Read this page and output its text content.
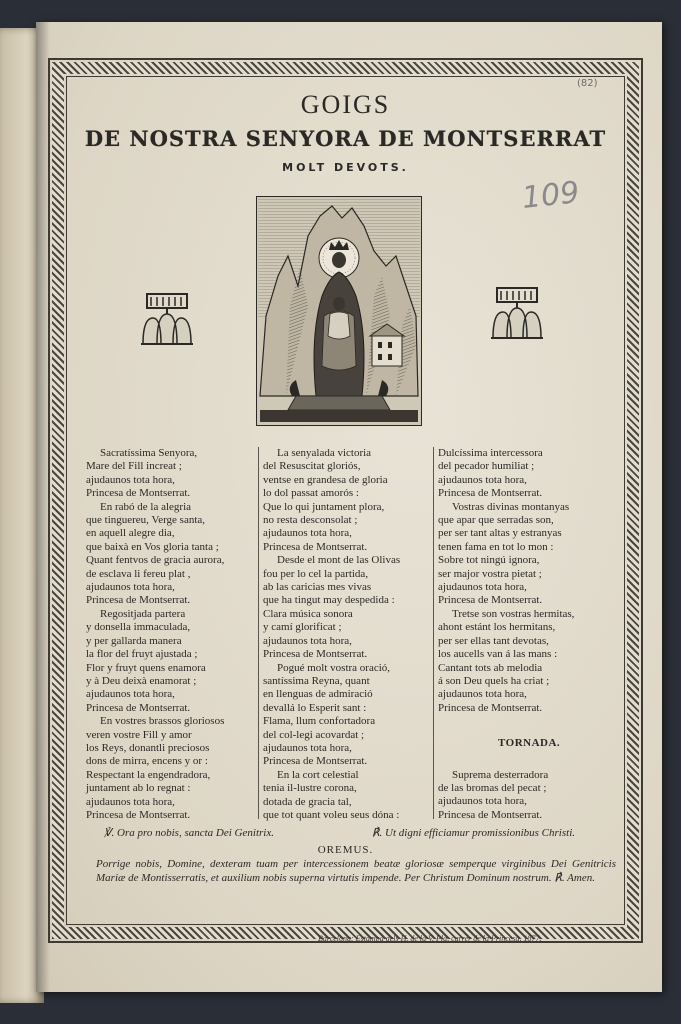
(82)
109
GOIGS
DE NOSTRA SENYORA DE MONTSERRAT
MOLT DEVOTS.
Sacratíssima Senyora,
Mare del Fill increat ;
ajudaunos tota hora,
Princesa de Montserrat.
En rabó de la alegria
que tinguereu, Verge santa,
en aquell alegre dia,
que baixà en Vos gloria tanta ;
Quant fentvos de gracia aurora,
de esclava li fereu plat ,
ajudaunos tota hora,
Princesa de Montserrat.
Regositjada partera
y donsella immaculada,
y per gallarda manera
la flor del fruyt ajustada ;
Flor y fruyt quens enamora
y à Deu deixà enamorat ;
ajudaunos tota hora,
Princesa de Montserrat.
En vostres brassos gloriosos
veren vostre Fill y amor
los Reys, donantli preciosos
dons de mirra, encens y or :
Respectant la engendradora,
juntament ab lo regnat :
ajudaunos tota hora,
Princesa de Montserrat.
La senyalada victoria
del Resuscitat gloriós,
ventse en grandesa de gloria
lo dol passat amorós :
Que lo qui juntament plora,
no resta desconsolat ;
ajudaunos tota hora,
Princesa de Montserrat.
Desde el mont de las Olivas
fou per lo cel la partida,
ab las caricias mes vivas
que ha tingut may despedida :
Clara música sonora
y camí glorificat ;
ajudaunos tota hora,
Princesa de Montserrat.
Pogué molt vostra oració,
santíssima Reyna, quant
en llenguas de admiració
devallá lo Esperit sant :
Flama, llum confortadora
del col-legi acovardat ;
ajudaunos tota hora,
Princesa de Montserrat.
En la cort celestial
tenia il-lustre corona,
dotada de gracia tal,
que tot quant voleu seus dóna :
Dulcíssima intercessora
del pecador humiliat ;
ajudaunos tota hora,
Princesa de Montserrat.
Vostras divinas montanyas
que apar que serradas son,
per ser tant altas y estranyas
tenen fama en tot lo mon :
Sobre tot ningú ignora,
ser major vostra pietat ;
ajudaunos tota hora,
Princesa de Montserrat.
Tretse son vostras hermitas,
ahont estánt los hermitans,
per ser ellas tant devotas,
los aucells van á las mans :
Cantant tots ab melodia
á son Deu quels ha criat ;
ajudaunos tota hora,
Princesa de Montserrat.
TORNADA.
Suprema desterradora
de las bromas del pecat ;
ajudaunos tota hora,
Princesa de Montserrat.
℣. Ora pro nobis, sancta Dei Genitrix.	℟. Ut digni efficiamur promissionibus Christi.
OREMUS.
Porrige nobis, Domine, dexteram tuam per intercessionem beatæ gloriosæ semperque virginibus Dei Genitricis Mariæ de Montisserratis, et auxilium nobis superna virtutis impende. Per Christum Dominum nostrum. ℟. Amen.
Barcelona: Estampa dels H. de la V. Pla, carrer de la Princesa, 1877.
